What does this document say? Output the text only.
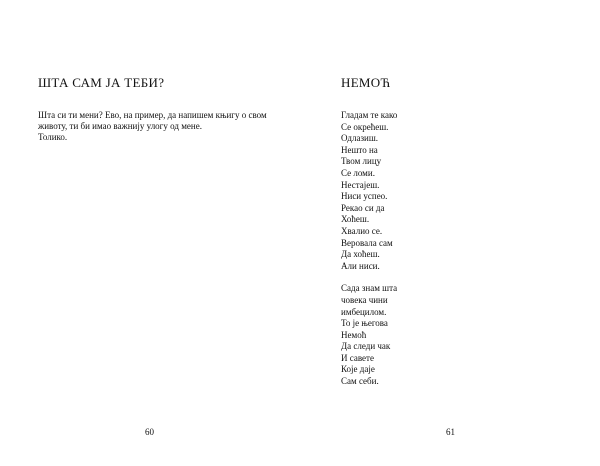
ШТА САМ ЈА ТЕБИ?
Шта си ти мени? Ево, на пример, да напишем књигу о свом
животу, ти би имао важнију улогу од мене.
Толико.
60
НЕМОЋ
Гладам те како
Се окрећеш.
Одлазиш.
Нешто на
Твом лицу
Се ломи.
Нестајеш.
Ниси успео.
Рекао си да
Хоћеш.
Хвалио се.
Веровала сам
Да хоћеш.
Али ниси.
Сада знам шта
човека чини
имбецилом.
То је његова
Немоћ
Да следи чак
И савете
Које даје
Сам себи.
61
